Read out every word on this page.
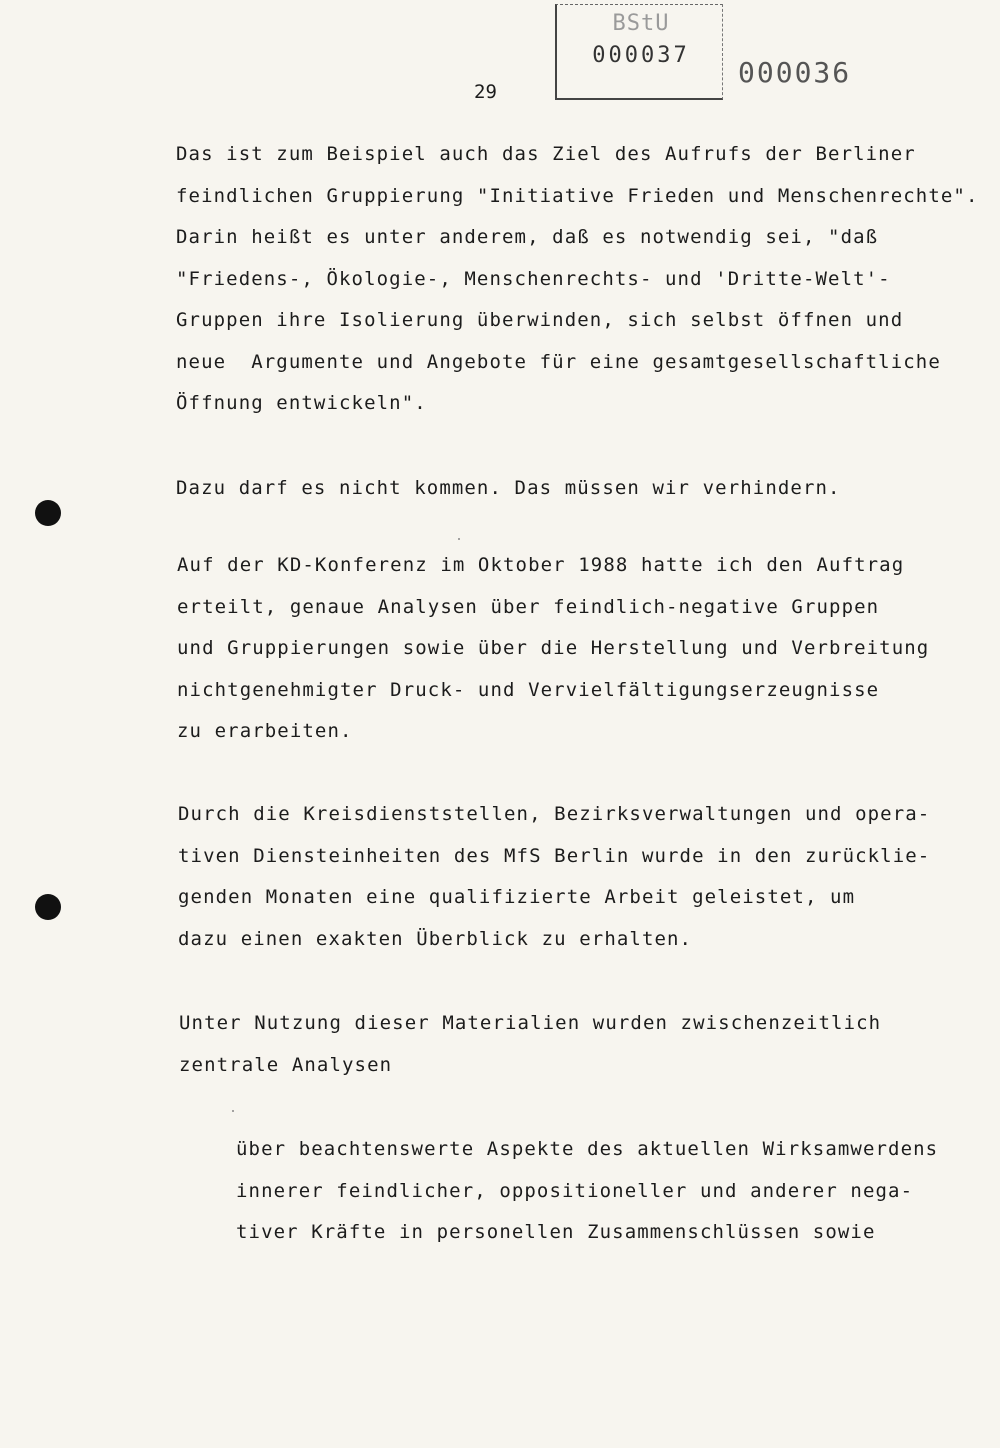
BStU
000037
000036
29
Das ist zum Beispiel auch das Ziel des Aufrufs der Berliner
feindlichen Gruppierung "Initiative Frieden und Menschenrechte".
Darin heißt es unter anderem, daß es notwendig sei, "daß
"Friedens-, Ökologie-, Menschenrechts- und 'Dritte-Welt'-
Gruppen ihre Isolierung überwinden, sich selbst öffnen und
neue  Argumente und Angebote für eine gesamtgesellschaftliche
Öffnung entwickeln".
Dazu darf es nicht kommen. Das müssen wir verhindern.
Auf der KD-Konferenz im Oktober 1988 hatte ich den Auftrag
erteilt, genaue Analysen über feindlich-negative Gruppen
und Gruppierungen sowie über die Herstellung und Verbreitung
nichtgenehmigter Druck- und Vervielfältigungserzeugnisse
zu erarbeiten.
Durch die Kreisdienststellen, Bezirksverwaltungen und opera-
tiven Diensteinheiten des MfS Berlin wurde in den zurücklie-
genden Monaten eine qualifizierte Arbeit geleistet, um
dazu einen exakten Überblick zu erhalten.
Unter Nutzung dieser Materialien wurden zwischenzeitlich
zentrale Analysen
über beachtenswerte Aspekte des aktuellen Wirksamwerdens
innerer feindlicher, oppositioneller und anderer nega-
tiver Kräfte in personellen Zusammenschlüssen sowie
